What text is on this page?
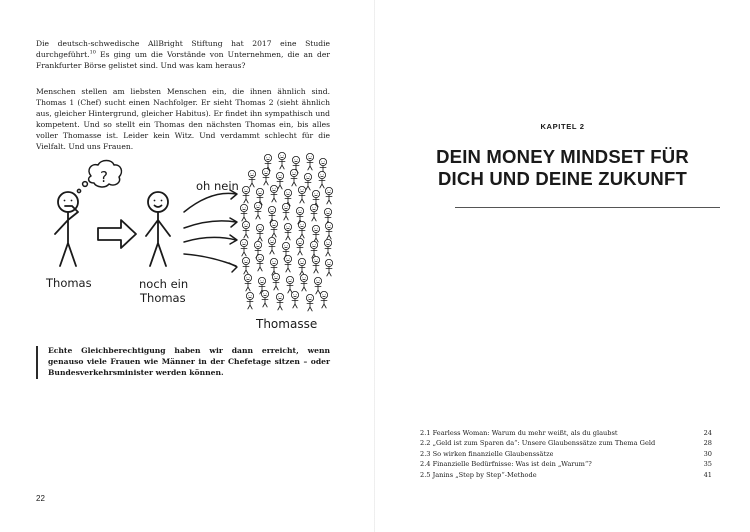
Die deutsch-schwedische AllBright Stiftung hat 2017 eine Studie durchgeführt.$^{10}$ Es ging um die Vorstände von Unternehmen, die an der Frankfurter Börse gelistet sind. Und was kam heraus?

Menschen stellen am liebsten Menschen ein, die ihnen ähnlich sind. Thomas 1 (Chef) sucht einen Nachfolger. Er sieht Thomas 2 (sieht ähnlich aus, gleicher Hintergrund, gleicher Habitus). Er findet ihn sympathisch und kompetent. Und so stellt ein Thomas den nächsten Thomas ein, bis alles voller Thomasse ist. Leider kein Witz. Und verdammt schlecht für die Vielfalt. Und uns Frauen.

?
Thomas	noch ein
Thomas
oh nein
Thomasse

Echte Gleichberechtigung haben wir dann erreicht, wenn genauso viele Frauen wie Männer in der Chefetage sitzen – oder Bundesverkehrsminister werden können.

22

KAPITEL 2

DEIN MONEY MINDSET FÜR
DICH UND DEINE ZUKUNFT
2.1 Fearless Woman: Warum du mehr weißt, als du glaubst	24
2.2 „Geld ist zum Sparen da“: Unsere Glaubenssätze zum Thema Geld	28
2.3 So wirken finanzielle Glaubenssätze	30
2.4 Finanzielle Bedürfnisse: Was ist dein „Warum“?	35
2.5 Janins „Step by Step“-Methode	41
